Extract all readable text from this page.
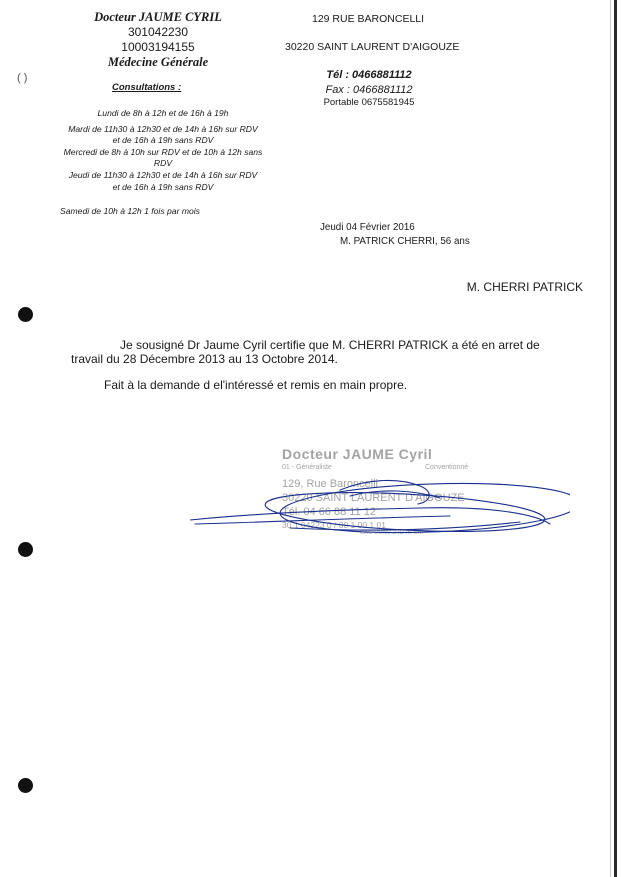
( )
Docteur JAUME CYRIL
301042230
10003194155
Médecine Générale
129 RUE BARONCELLI
30220 SAINT LAURENT D'AIGOUZE
Tél : 0466881112
Fax : 0466881112
Portable 0675581945
Consultations :
Lundi de 8h à 12h et de 16h à 19h
Mardi de 11h30 à 12h30 et de 14h à 16h sur RDV
et de 16h à 19h sans RDV
Mercredi de 8h à 10h sur RDV et de 10h à 12h sans
RDV
Jeudi de 11h30 à 12h30 et de 14h à 16h sur RDV
et de 16h à 19h sans RDV
Samedi de 10h à 12h 1 fois par mois
Jeudi 04 Février 2016
M. PATRICK CHERRI, 56 ans
M. CHERRI PATRICK
Je sousigné Dr Jaume Cyril certifie que M. CHERRI PATRICK a été en arret de
travail du 28 Décembre 2013 au 13 Octobre 2014.
Fait à la demande d el'intéressé et remis en main propre.
Docteur JAUME Cyril
01 - Généraliste	Conventionné
129, Rue Baroncelli
30220 SAINT LAURENT D'AIGOUZE
Tél. 04 66 88 11 12
30 1 04223 0 / 00 1 00 1 01
CAS CONV 2 ID IK SIE
